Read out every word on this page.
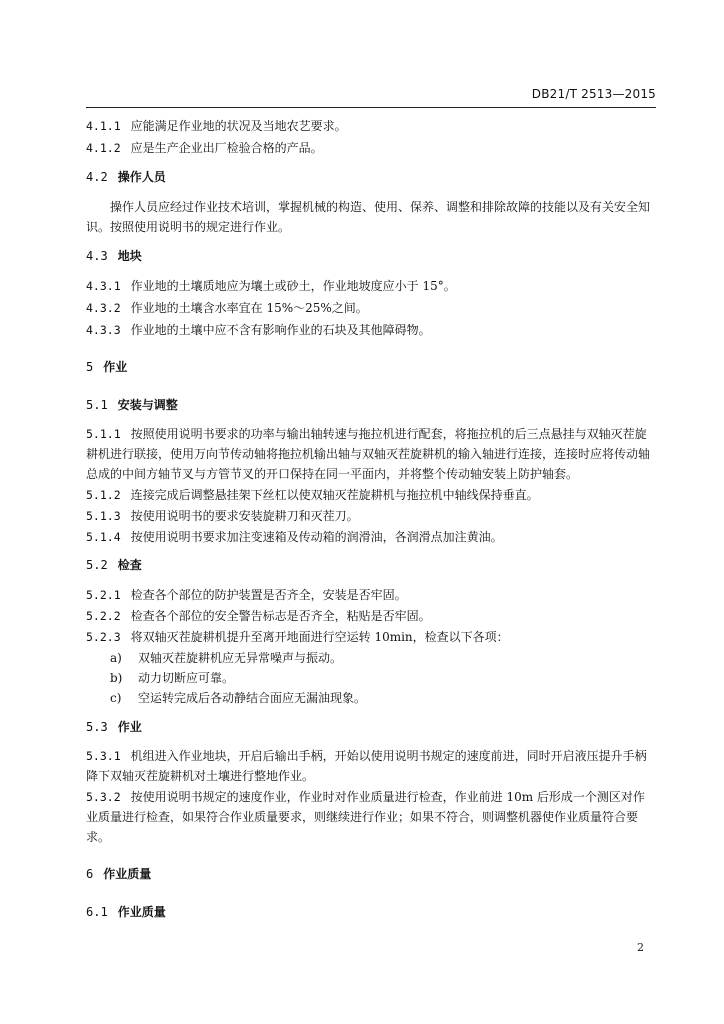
DB21/T 2513—2015

4.1.1 应能满足作业地的状况及当地农艺要求。

4.1.2 应是生产企业出厂检验合格的产品。

4.2 操作人员

操作人员应经过作业技术培训，掌握机械的构造、使用、保养、调整和排除故障的技能以及有关安全知识。按照使用说明书的规定进行作业。

4.3 地块

4.3.1 作业地的土壤质地应为壤土或砂土，作业地坡度应小于 15°。

4.3.2 作业地的土壤含水率宜在 15%～25%之间。

4.3.3 作业地的土壤中应不含有影响作业的石块及其他障碍物。

5 作业

5.1 安装与调整

5.1.1 按照使用说明书要求的功率与输出轴转速与拖拉机进行配套，将拖拉机的后三点悬挂与双轴灭茬旋耕机进行联接，使用万向节传动轴将拖拉机输出轴与双轴灭茬旋耕机的输入轴进行连接，连接时应将传动轴总成的中间方轴节叉与方管节叉的开口保持在同一平面内，并将整个传动轴安装上防护轴套。

5.1.2 连接完成后调整悬挂架下丝杠以使双轴灭茬旋耕机与拖拉机中轴线保持垂直。

5.1.3 按使用说明书的要求安装旋耕刀和灭茬刀。

5.1.4 按使用说明书要求加注变速箱及传动箱的润滑油，各润滑点加注黄油。

5.2 检查

5.2.1 检查各个部位的防护装置是否齐全，安装是否牢固。

5.2.2 检查各个部位的安全警告标志是否齐全，粘贴是否牢固。

5.2.3 将双轴灭茬旋耕机提升至离开地面进行空运转 10min，检查以下各项：

a) 双轴灭茬旋耕机应无异常噪声与振动。

b) 动力切断应可靠。

c) 空运转完成后各动静结合面应无漏油现象。

5.3 作业

5.3.1 机组进入作业地块，开启后输出手柄，开始以使用说明书规定的速度前进，同时开启液压提升手柄降下双轴灭茬旋耕机对土壤进行整地作业。

5.3.2 按使用说明书规定的速度作业，作业时对作业质量进行检查，作业前进 10m 后形成一个测区对作业质量进行检查，如果符合作业质量要求，则继续进行作业；如果不符合，则调整机器使作业质量符合要求。

6 作业质量

6.1 作业质量

2
